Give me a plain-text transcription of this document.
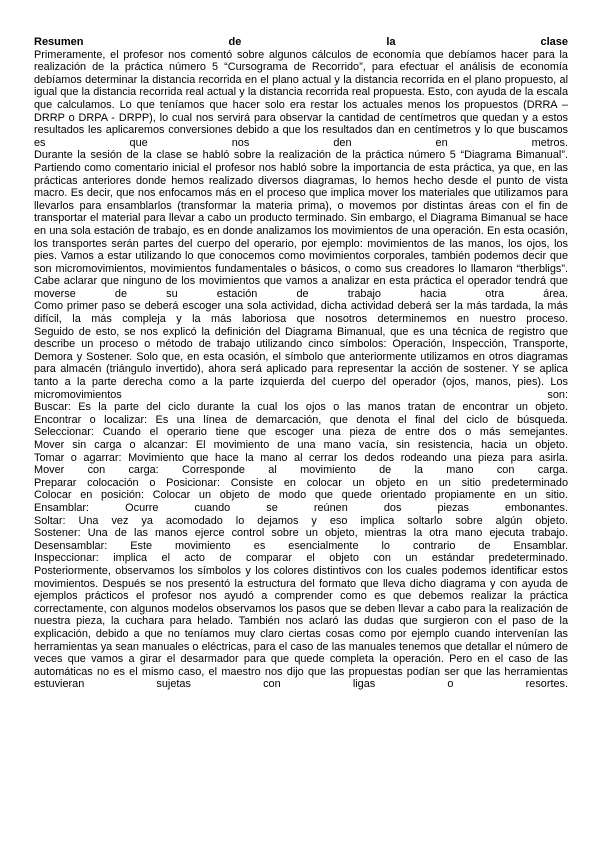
Resumen	de	la	clase

Primeramente, el profesor nos comentó sobre algunos cálculos de economía que debíamos hacer para la realización de la práctica número 5 “Cursograma de Recorrido”, para efectuar el análisis de economía debíamos determinar la distancia recorrida en el plano actual y la distancia recorrida en el plano propuesto, al igual que la distancia recorrida real actual y la distancia recorrida real propuesta. Esto, con ayuda de la escala que calculamos. Lo que teníamos que hacer solo era restar los actuales menos los propuestos (DRRA – DRRP o DRPA - DRPP), lo cual nos servirá para observar la cantidad de centímetros que quedan y a estos resultados les aplicaremos conversiones debido a que los resultados dan en centímetros y lo que buscamos es que nos den en metros.

Durante la sesión de la clase se habló sobre la realización de la práctica número 5 “Diagrama Bimanual”. Partiendo como comentario inicial el profesor nos habló sobre la importancia de esta práctica, ya que, en las prácticas anteriores donde hemos realizado diversos diagramas, lo hemos hecho desde el punto de vista macro. Es decir, que nos enfocamos más en el proceso que implica mover los materiales que utilizamos para llevarlos para ensamblarlos (transformar la materia prima), o movemos por distintas áreas con el fin de transportar el material para llevar a cabo un producto terminado. Sin embargo, el Diagrama Bimanual se hace en una sola estación de trabajo, es en donde analizamos los movimientos de una operación. En esta ocasión, los transportes serán partes del cuerpo del operario, por ejemplo: movimientos de las manos, los ojos, los pies. Vamos a estar utilizando lo que conocemos como movimientos corporales, también podemos decir que son micromovimientos, movimientos fundamentales o básicos, o como sus creadores lo llamaron “therbligs”. Cabe aclarar que ninguno de los movimientos que vamos a analizar en esta práctica el operador tendrá que moverse de su estación de trabajo hacia otra área.

Como primer paso se deberá escoger una sola actividad, dicha actividad deberá ser la más tardada, la más difícil, la más compleja y la más laboriosa que nosotros determinemos en nuestro proceso.

Seguido de esto, se nos explicó la definición del Diagrama Bimanual, que es una técnica de registro que describe un proceso o método de trabajo utilizando cinco símbolos: Operación, Inspección, Transporte, Demora y Sostener. Solo que, en esta ocasión, el símbolo que anteriormente utilizamos en otros diagramas para almacén (triángulo invertido), ahora será aplicado para representar la acción de sostener. Y se aplica tanto a la parte derecha como a la parte izquierda del cuerpo del operador (ojos, manos, pies). Los micromovimientos son:

Buscar: Es la parte del ciclo durante la cual los ojos o las manos tratan de encontrar un objeto.

Encontrar o localizar: Es una línea de demarcación, que denota el final del ciclo de búsqueda.

Seleccionar: Cuando el operario tiene que escoger una pieza de entre dos o más semejantes.

Mover sin carga o alcanzar: El movimiento de una mano vacía, sin resistencia, hacia un objeto.

Tomar o agarrar: Movimiento que hace la mano al cerrar los dedos rodeando una pieza para asirla.

Mover con carga: Corresponde al movimiento de la mano con carga.

Preparar colocación o Posicionar: Consiste en colocar un objeto en un sitio predeterminado

Colocar en posición: Colocar un objeto de modo que quede orientado propiamente en un sitio.

Ensamblar: Ocurre cuando se reúnen dos piezas embonantes.

Soltar: Una vez ya acomodado lo dejamos y eso implica soltarlo sobre algún objeto.

Sostener: Una de las manos ejerce control sobre un objeto, mientras la otra mano ejecuta trabajo.

Desensamblar: Este movimiento es esencialmente lo contrario de Ensamblar.

Inspeccionar: implica el acto de comparar el objeto con un estándar predeterminado.

Posteriormente, observamos los símbolos y los colores distintivos con los cuales podemos identificar estos movimientos. Después se nos presentó la estructura del formato que lleva dicho diagrama y con ayuda de ejemplos prácticos el profesor nos ayudó a comprender como es que debemos realizar la práctica correctamente, con algunos modelos observamos los pasos que se deben llevar a cabo para la realización de nuestra pieza, la cuchara para helado. También nos aclaró las dudas que surgieron con el paso de la explicación, debido a que no teníamos muy claro ciertas cosas como por ejemplo cuando intervenían las herramientas ya sean manuales o eléctricas, para el caso de las manuales tenemos que detallar el número de veces que vamos a girar el desarmador para que quede completa la operación. Pero en el caso de las automáticas no es el mismo caso, el maestro nos dijo que las propuestas podían ser que las herramientas estuvieran sujetas con ligas o resortes.
